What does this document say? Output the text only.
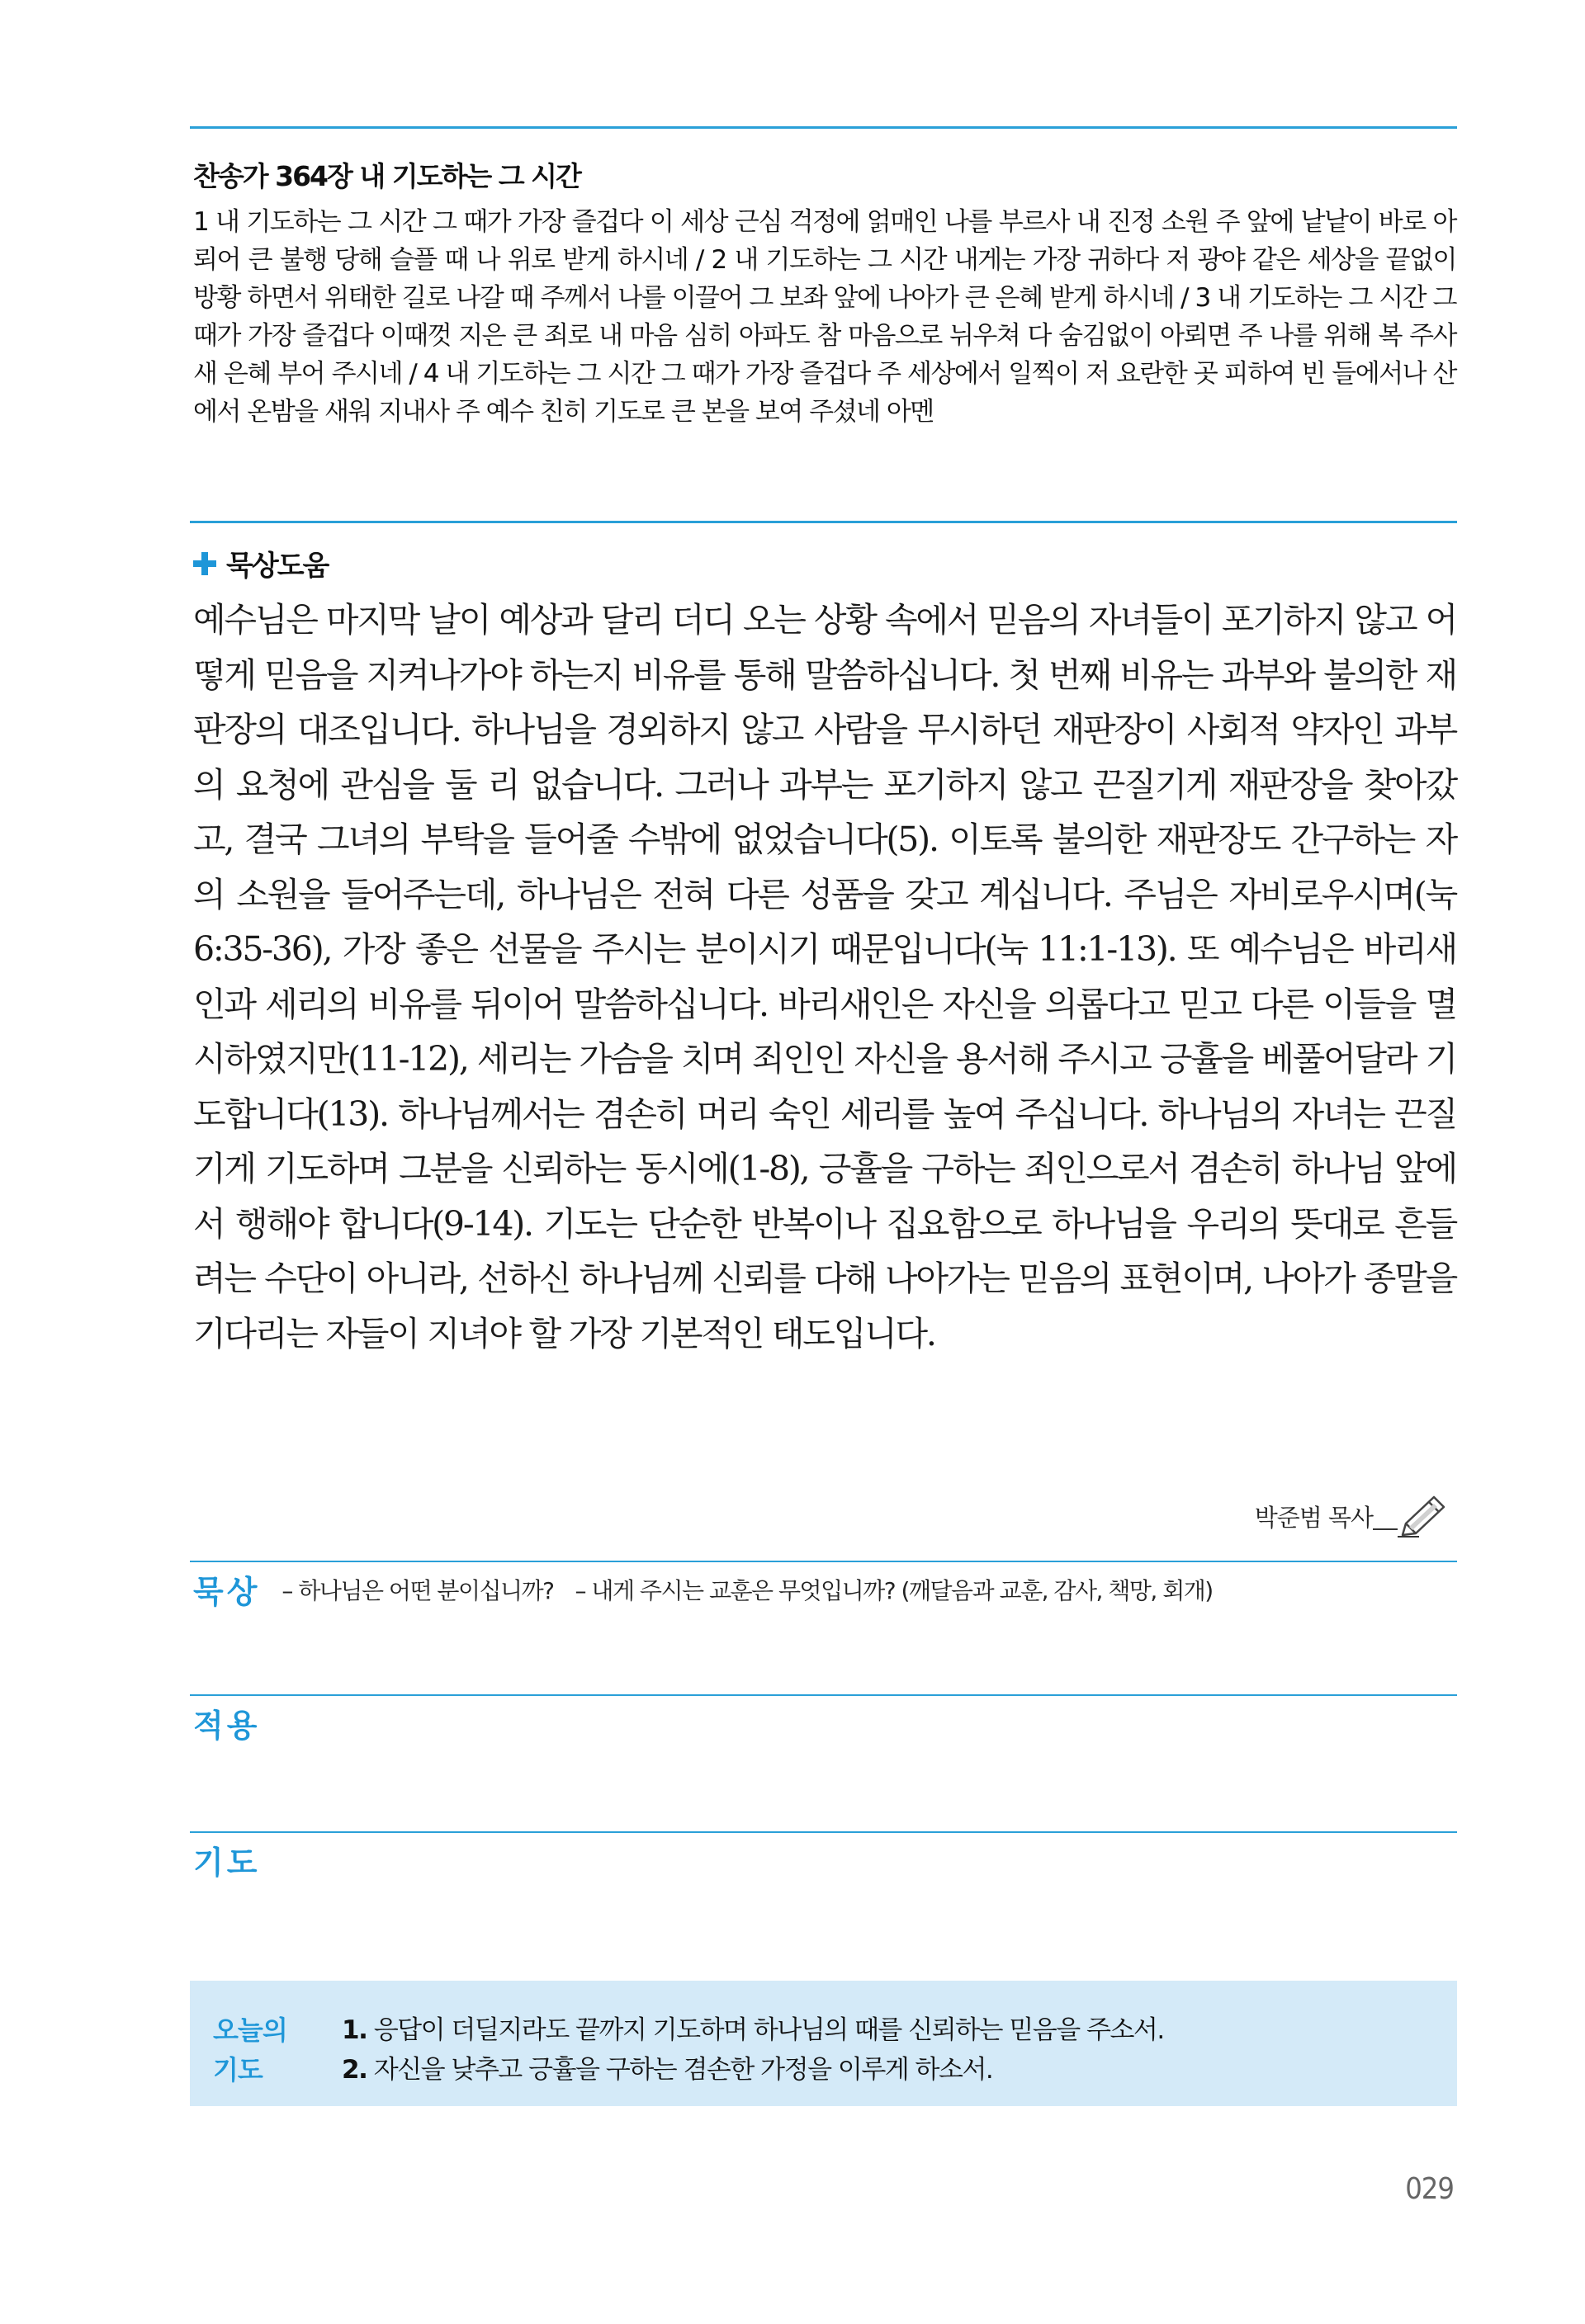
찬송가 364장 내 기도하는 그 시간
1 내 기도하는 그 시간 그 때가 가장 즐겁다 이 세상 근심 걱정에 얽매인 나를 부르사 내 진정 소원 주 앞에 낱낱이 바로 아뢰어 큰 불행 당해 슬플 때 나 위로 받게 하시네 / 2 내 기도하는 그 시간 내게는 가장 귀하다 저 광야 같은 세상을 끝없이 방황 하면서 위태한 길로 나갈 때 주께서 나를 이끌어 그 보좌 앞에 나아가 큰 은혜 받게 하시네 / 3 내 기도하는 그 시간 그 때가 가장 즐겁다 이때껏 지은 큰 죄로 내 마음 심히 아파도 참 마음으로 뉘우쳐 다 숨김없이 아뢰면 주 나를 위해 복 주사 새 은혜 부어 주시네 / 4 내 기도하는 그 시간 그 때가 가장 즐겁다 주 세상에서 일찍이 저 요란한 곳 피하여 빈 들에서나 산에서 온밤을 새워 지내사 주 예수 친히 기도로 큰 본을 보여 주셨네 아멘
묵상도움
예수님은 마지막 날이 예상과 달리 더디 오는 상황 속에서 믿음의 자녀들이 포기하지 않고 어떻게 믿음을 지켜나가야 하는지 비유를 통해 말씀하십니다. 첫 번째 비유는 과부와 불의한 재판장의 대조입니다. 하나님을 경외하지 않고 사람을 무시하던 재판장이 사회적 약자인 과부의 요청에 관심을 둘 리 없습니다. 그러나 과부는 포기하지 않고 끈질기게 재판장을 찾아갔고, 결국 그녀의 부탁을 들어줄 수밖에 없었습니다(5). 이토록 불의한 재판장도 간구하는 자의 소원을 들어주는데, 하나님은 전혀 다른 성품을 갖고 계십니다. 주님은 자비로우시며(눅 6:35-36), 가장 좋은 선물을 주시는 분이시기 때문입니다(눅 11:1-13). 또 예수님은 바리새인과 세리의 비유를 뒤이어 말씀하십니다. 바리새인은 자신을 의롭다고 믿고 다른 이들을 멸시하였지만(11-12), 세리는 가슴을 치며 죄인인 자신을 용서해 주시고 긍휼을 베풀어달라 기도합니다(13). 하나님께서는 겸손히 머리 숙인 세리를 높여 주십니다. 하나님의 자녀는 끈질기게 기도하며 그분을 신뢰하는 동시에(1-8), 긍휼을 구하는 죄인으로서 겸손히 하나님 앞에서 행해야 합니다(9-14). 기도는 단순한 반복이나 집요함으로 하나님을 우리의 뜻대로 흔들려는 수단이 아니라, 선하신 하나님께 신뢰를 다해 나아가는 믿음의 표현이며, 나아가 종말을 기다리는 자들이 지녀야 할 가장 기본적인 태도입니다.
박준범 목사
묵상 – 하나님은 어떤 분이십니까? – 내게 주시는 교훈은 무엇입니까? (깨달음과 교훈, 감사, 책망, 회개)
적용
기도
오늘의
기도
1. 응답이 더딜지라도 끝까지 기도하며 하나님의 때를 신뢰하는 믿음을 주소서.
2. 자신을 낮추고 긍휼을 구하는 겸손한 가정을 이루게 하소서.
029
